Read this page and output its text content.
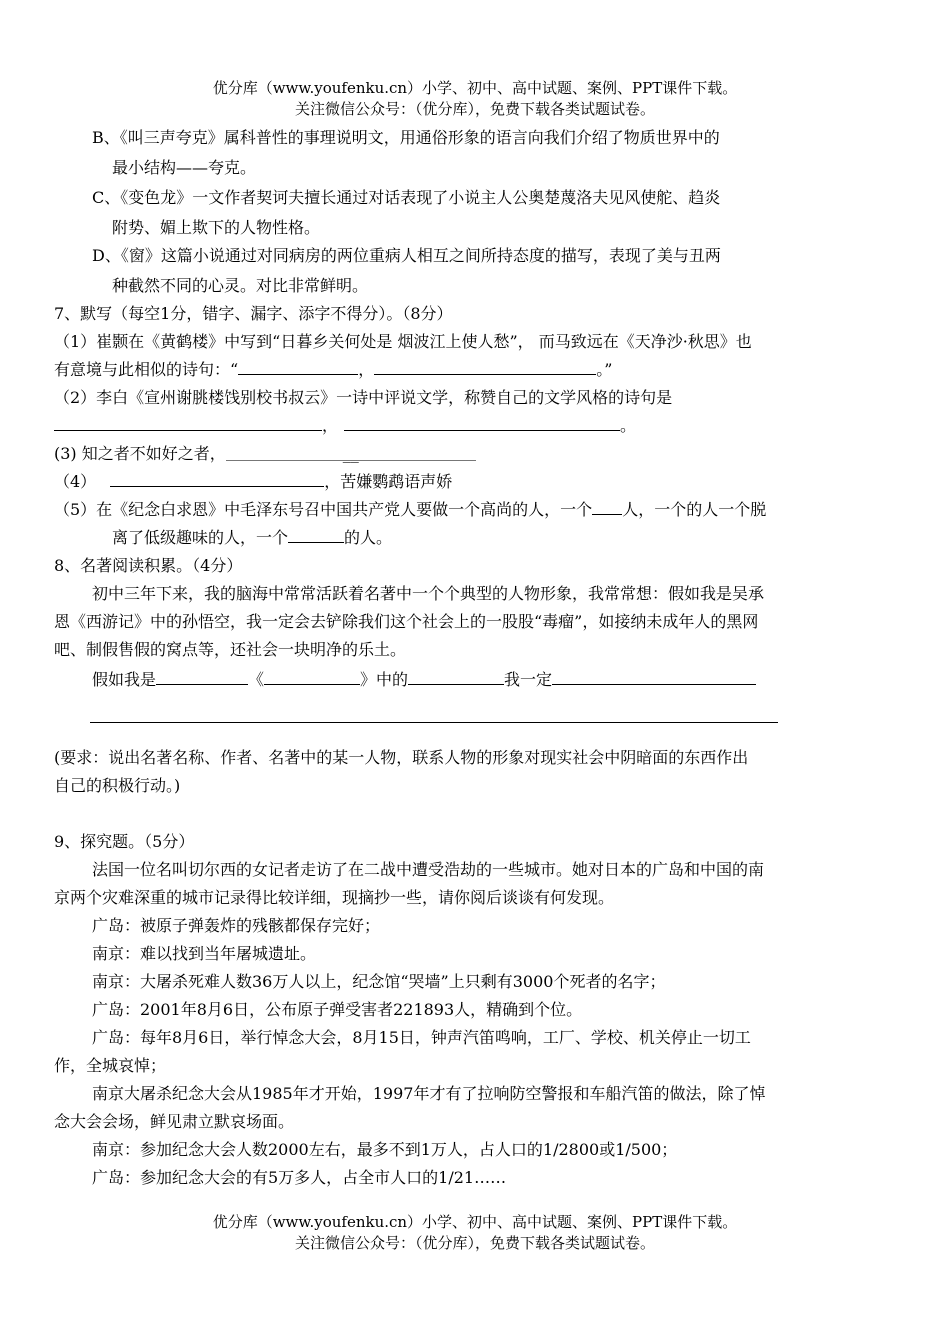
优分库（www.youfenku.cn）小学、初中、高中试题、案例、PPT课件下载。
关注微信公众号：（优分库），免费下载各类试题试卷。
B、《叫三声夸克》属科普性的事理说明文，用通俗形象的语言向我们介绍了物质世界中的
最小结构——夸克。
C、《变色龙》一文作者契诃夫擅长通过对话表现了小说主人公奥楚蔑洛夫见风使舵、趋炎
附势、媚上欺下的人物性格。
D、《窗》这篇小说通过对同病房的两位重病人相互之间所持态度的描写，表现了美与丑两
种截然不同的心灵。对比非常鲜明。
7、默写（每空1分，错字、漏字、添字不得分）。（8分）
（1）崔颢在《黄鹤楼》中写到“日暮乡关何处是 烟波江上使人愁”， 而马致远在《天净沙·秋思》也
有意境与此相似的诗句：“	，	。”
（2）李白《宣州谢朓楼饯别校书叔云》一诗中评说文学，称赞自己的文学风格的诗句是
，	。
(3) 知之者不如好之者，	__
（4）	，苦嫌鹦鹉语声娇
（5）在《纪念白求恩》中毛泽东号召中国共产党人要做一个高尚的人，一个 人，一个的人一个脱
离了低级趣味的人，一个	的人。
8、名著阅读积累。（4分）
初中三年下来，我的脑海中常常活跃着名著中一个个典型的人物形象，我常常想：假如我是吴承
恩《西游记》中的孙悟空，我一定会去铲除我们这个社会上的一股股“毒瘤”，如接纳未成年人的黑网
吧、制假售假的窝点等，还社会一块明净的乐土。
假如我是	《	》中的	我一定
(要求：说出名著名称、作者、名著中的某一人物，联系人物的形象对现实社会中阴暗面的东西作出
自己的积极行动。)
9、探究题。（5分）
法国一位名叫切尔西的女记者走访了在二战中遭受浩劫的一些城市。她对日本的广岛和中国的南
京两个灾难深重的城市记录得比较详细，现摘抄一些，请你阅后谈谈有何发现。
广岛：被原子弹轰炸的残骸都保存完好；
南京：难以找到当年屠城遗址。
南京：大屠杀死难人数36万人以上，纪念馆“哭墙”上只剩有3000个死者的名字；
广岛：2001年8月6日，公布原子弹受害者221893人，精确到个位。
广岛：每年8月6日，举行悼念大会，8月15日，钟声汽笛鸣响，工厂、学校、机关停止一切工
作，全城哀悼；
南京大屠杀纪念大会从1985年才开始，1997年才有了拉响防空警报和车船汽笛的做法，除了悼
念大会会场，鲜见肃立默哀场面。
南京：参加纪念大会人数2000左右，最多不到1万人，占人口的1/2800或1/500；
广岛：参加纪念大会的有5万多人，占全市人口的1/21……
优分库（www.youfenku.cn）小学、初中、高中试题、案例、PPT课件下载。
关注微信公众号：（优分库），免费下载各类试题试卷。
